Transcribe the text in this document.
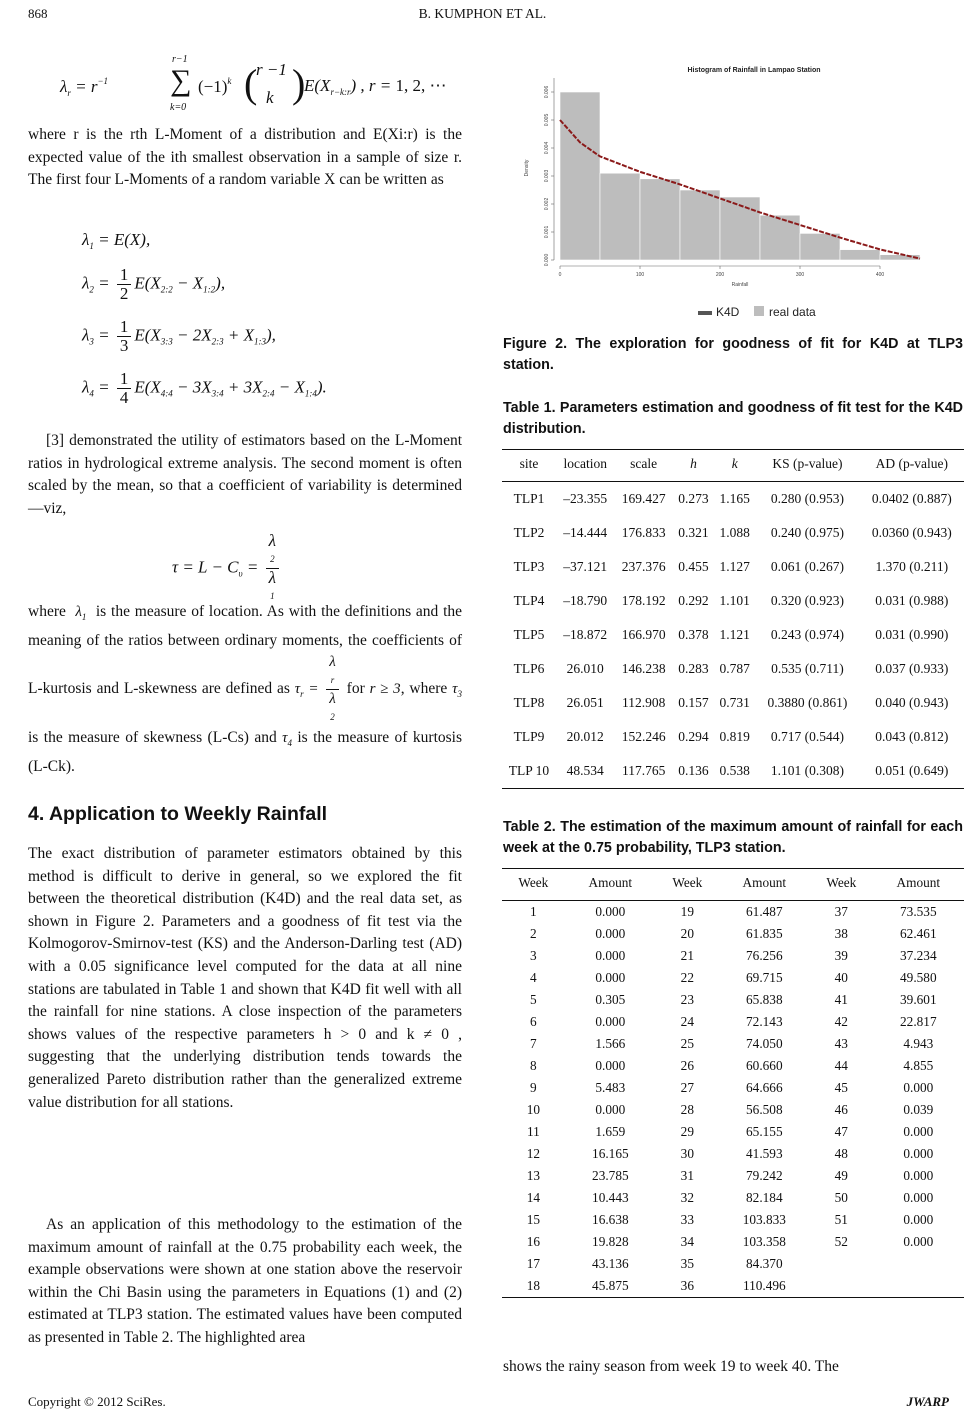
868	B. KUMPHON ET AL.
$\lambda_r = r^{-1}$
r−1
∑
k=0
$(-1)^k$ (
r −1
k )
$E(X_{r-k:r})$ , r = 1, 2, ⋯
where r is the rth L-Moment of a distribution and E(Xi:r) is the expected value of the ith smallest observation in a sample of size r. The first four L-Moments of a random variable X can be written as
$\lambda_1 = E(X)$,
$\lambda_2 = \frac{1}{2} E(X_{2:2} - X_{1:2})$,
$\lambda_3 = \frac{1}{3} E(X_{3:3} - 2X_{2:3} + X_{1:3})$,
$\lambda_4 = \frac{1}{4} E(X_{4:4} - 3X_{3:4} + 3X_{2:4} - X_{1:4})$.
[3] demonstrated the utility of estimators based on the L-Moment ratios in hydrological extreme analysis. The second moment is often scaled by the mean, so that a coefficient of variability is determined—viz,
$\tau = L - C_\upsilon = \lambda$
2
λ
1
where  $\lambda_1$ is the measure of location. As with the definitions and the meaning of the ratios between ordinary moments, the coefficients of L-kurtosis and L-skewness are defined as $\tau_r = \lambda$
r
λ
2 for r ≥ 3, where $\tau_3$ is the measure of skewness (L-Cs) and $\tau_4$ is the measure of kurtosis (L-Ck).
4. Application to Weekly Rainfall
The exact distribution of parameter estimators obtained by this method is difficult to derive in general, so we explored the fit between the theoretical distribution (K4D) and the real data set, as shown in Figure 2. Parameters and a goodness of fit test via the Kolmogorov-Smirnov-test (KS) and the Anderson-Darling test (AD) with a 0.05 significance level computed for the data at all nine stations are tabulated in Table 1 and shown that K4D fit well with all the rainfall for nine stations. A close inspection of the parameters shows values of the respective parameters h > 0 and k ≠ 0 , suggesting that the underlying distribution tends towards the generalized Pareto distribution rather than the generalized extreme value distribution for all stations.
As an application of this methodology to the estimation of the maximum amount of rainfall at the 0.75 probability each week, the example observations were shown at one station above the reservoir within the Chi Basin using the parameters in Equations (1) and (2) estimated at TLP3 station. The estimated values have been computed as presented in Table 2. The highlighted area
Histogram of Rainfall in Lampao Station
Density
Rainfall
0	100	200	300	400
0.000
0.001
0.002
0.003
0.004
0.005
0.006
K4D real data
Figure 2. The exploration for goodness of fit for K4D at TLP3 station.
Table 1. Parameters estimation and goodness of fit test for the K4D distribution.
site	location	scale	h	k	KS (p-value)	AD (p-value)
TLP1	–23.355	169.427	0.273	1.165	0.280 (0.953)	0.0402 (0.887)
TLP2	–14.444	176.833	0.321	1.088	0.240 (0.975)	0.0360 (0.943)
TLP3	–37.121	237.376	0.455	1.127	0.061 (0.267)	1.370 (0.211)
TLP4	–18.790	178.192	0.292	1.101	0.320 (0.923)	0.031 (0.988)
TLP5	–18.872	166.970	0.378	1.121	0.243 (0.974)	0.031 (0.990)
TLP6	26.010	146.238	0.283	0.787	0.535 (0.711)	0.037 (0.933)
TLP8	26.051	112.908	0.157	0.731	0.3880 (0.861)	0.040 (0.943)
TLP9	20.012	152.246	0.294	0.819	0.717 (0.544)	0.043 (0.812)
TLP 10	48.534	117.765	0.136	0.538	1.101 (0.308)	0.051 (0.649)
Table 2. The estimation of the maximum amount of rainfall for each week at the 0.75 probability, TLP3 station.
Week	Amount	Week	Amount	Week	Amount
1	0.000	19	61.487	37	73.535
2	0.000	20	61.835	38	62.461
3	0.000	21	76.256	39	37.234
4	0.000	22	69.715	40	49.580
5	0.305	23	65.838	41	39.601
6	0.000	24	72.143	42	22.817
7	1.566	25	74.050	43	4.943
8	0.000	26	60.660	44	4.855
9	5.483	27	64.666	45	0.000
10	0.000	28	56.508	46	0.039
11	1.659	29	65.155	47	0.000
12	16.165	30	41.593	48	0.000
13	23.785	31	79.242	49	0.000
14	10.443	32	82.184	50	0.000
15	16.638	33	103.833	51	0.000
16	19.828	34	103.358	52	0.000
17	43.136	35	84.370		
18	45.875	36	110.496		
shows the rainy season from week 19 to week 40. The
Copyright © 2012 SciRes.	JWARP
